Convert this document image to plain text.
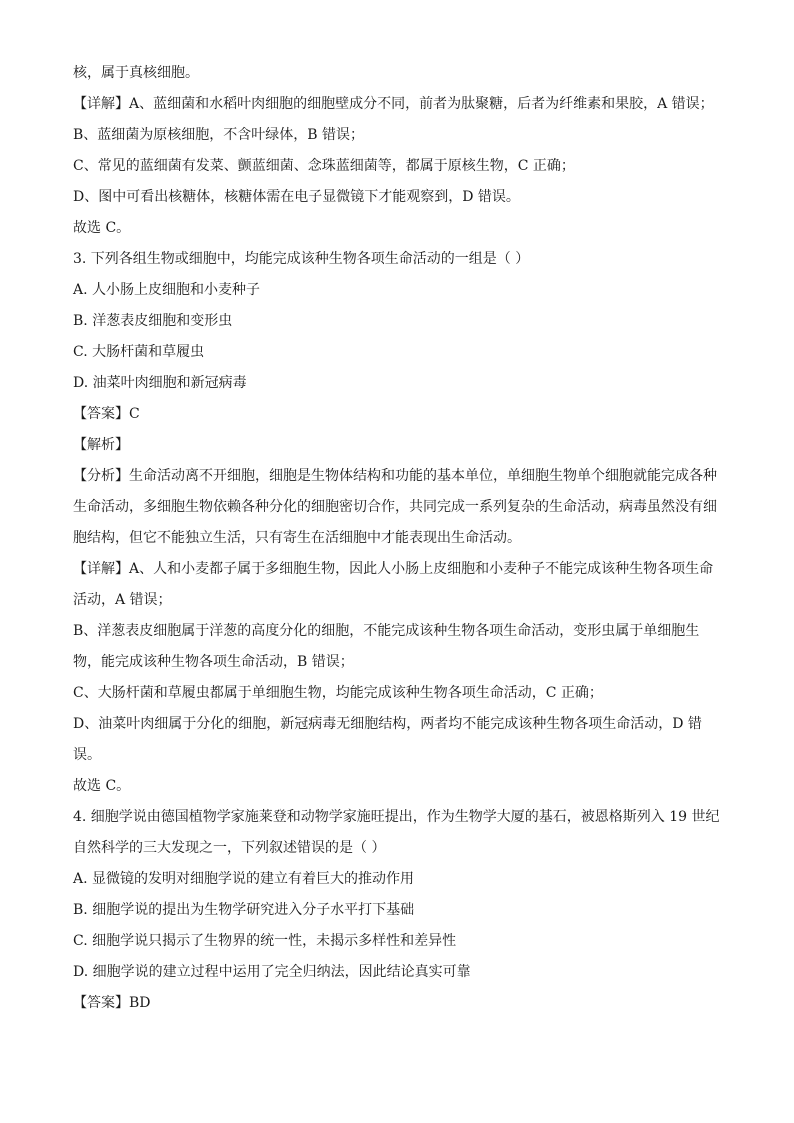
核，属于真核细胞。
【详解】A、蓝细菌和水稻叶肉细胞的细胞壁成分不同，前者为肽聚糖，后者为纤维素和果胶，A 错误；
B、蓝细菌为原核细胞，不含叶绿体，B 错误；
C、常见的蓝细菌有发菜、颤蓝细菌、念珠蓝细菌等，都属于原核生物，C 正确；
D、图中可看出核糖体，核糖体需在电子显微镜下才能观察到，D 错误。
故选 C。
3. 下列各组生物或细胞中，均能完成该种生物各项生命活动的一组是（ ）
A. 人小肠上皮细胞和小麦种子
B. 洋葱表皮细胞和变形虫
C. 大肠杆菌和草履虫
D. 油菜叶肉细胞和新冠病毒
【答案】C
【解析】
【分析】生命活动离不开细胞，细胞是生物体结构和功能的基本单位，单细胞生物单个细胞就能完成各种
生命活动，多细胞生物依赖各种分化的细胞密切合作，共同完成一系列复杂的生命活动，病毒虽然没有细
胞结构，但它不能独立生活，只有寄生在活细胞中才能表现出生命活动。
【详解】A、人和小麦都子属于多细胞生物，因此人小肠上皮细胞和小麦种子不能完成该种生物各项生命
活动，A 错误；
B、洋葱表皮细胞属于洋葱的高度分化的细胞，不能完成该种生物各项生命活动，变形虫属于单细胞生
物，能完成该种生物各项生命活动，B 错误；
C、大肠杆菌和草履虫都属于单细胞生物，均能完成该种生物各项生命活动，C 正确；
D、油菜叶肉细属于分化的细胞，新冠病毒无细胞结构，两者均不能完成该种生物各项生命活动，D 错
误。
故选 C。
4. 细胞学说由德国植物学家施莱登和动物学家施旺提出，作为生物学大厦的基石，被恩格斯列入 19 世纪
自然科学的三大发现之一，下列叙述错误的是（ ）
A. 显微镜的发明对细胞学说的建立有着巨大的推动作用
B. 细胞学说的提出为生物学研究进入分子水平打下基础
C. 细胞学说只揭示了生物界的统一性，未揭示多样性和差异性
D. 细胞学说的建立过程中运用了完全归纳法，因此结论真实可靠
【答案】BD
